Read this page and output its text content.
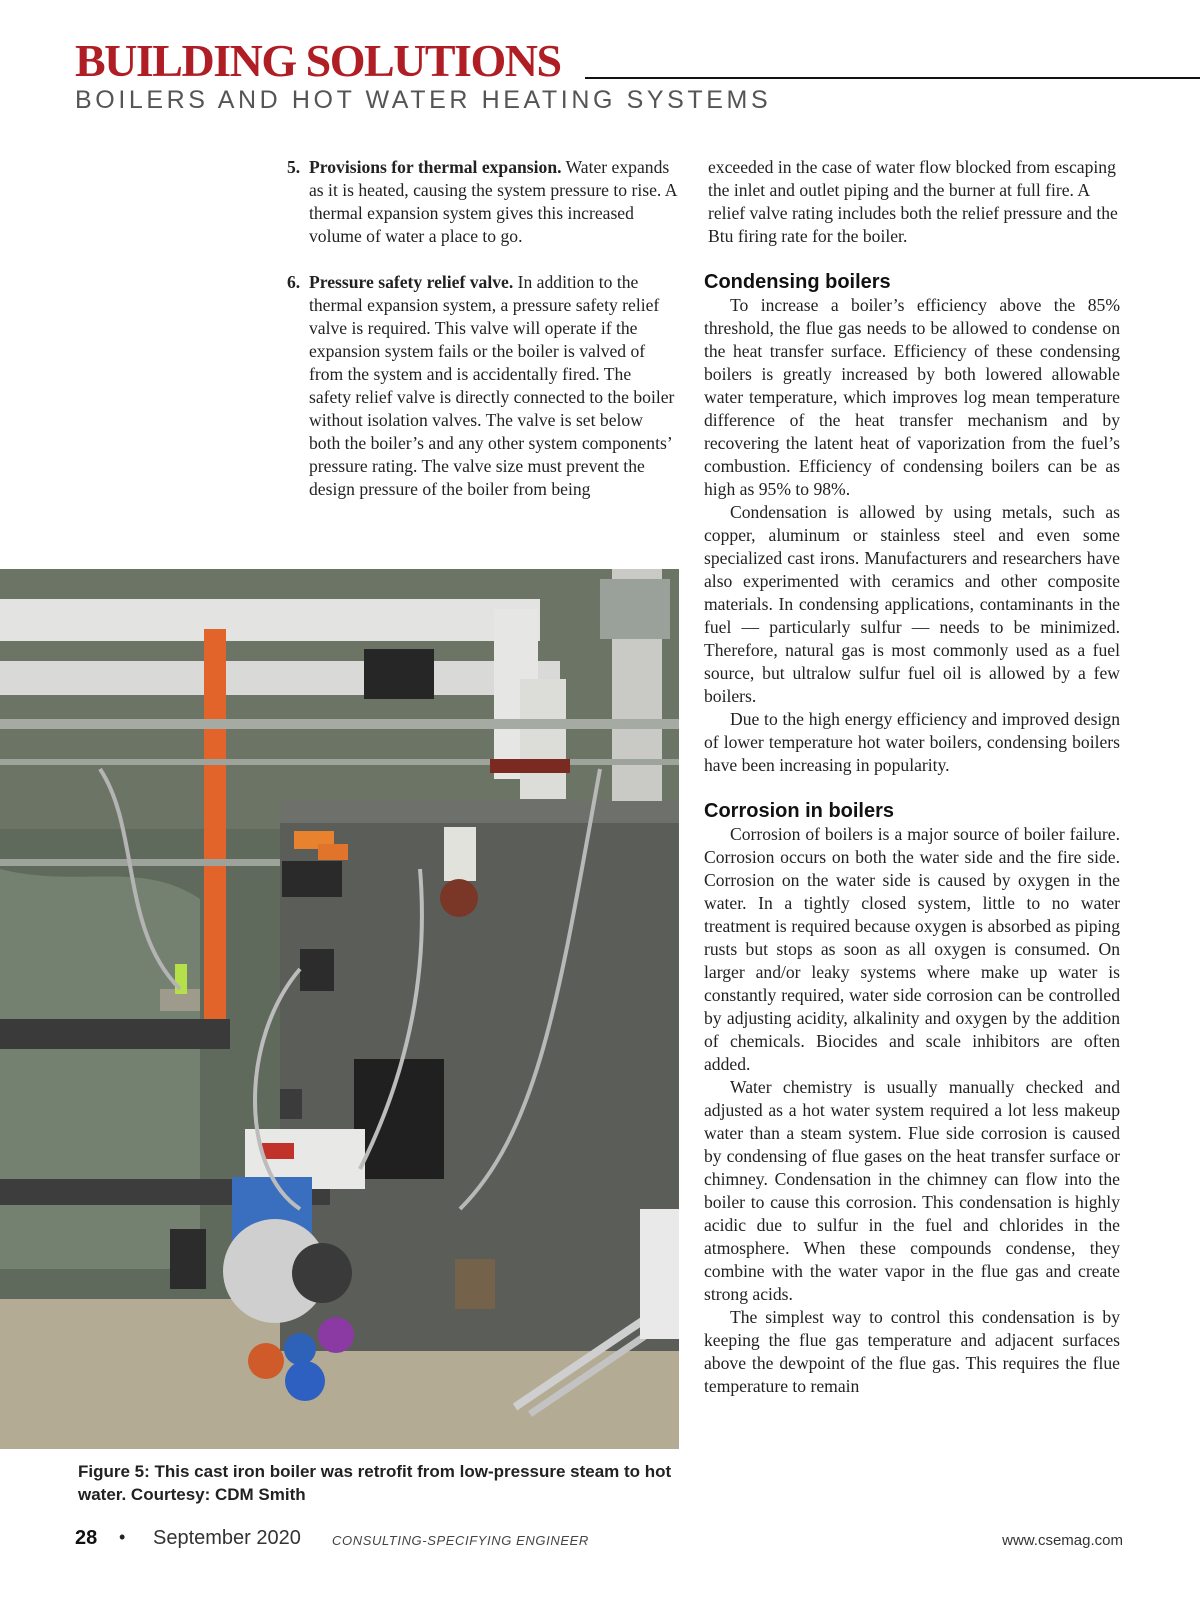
BUILDING SOLUTIONS
BOILERS AND HOT WATER HEATING SYSTEMS
5. Provisions for thermal expansion. Water expands as it is heated, causing the system pressure to rise. A thermal expansion system gives this increased volume of water a place to go.
6. Pressure safety relief valve. In addition to the thermal expansion system, a pressure safety relief valve is required. This valve will operate if the expansion system fails or the boiler is valved of from the system and is accidentally fired. The safety relief valve is directly connected to the boiler without isolation valves. The valve is set below both the boiler’s and any other system components’ pressure rating. The valve size must prevent the design pressure of the boiler from being

exceeded in the case of water flow blocked from escaping the inlet and outlet piping and the burner at full fire. A relief valve rating includes both the relief pressure and the Btu firing rate for the boiler.

Condensing boilers

To increase a boiler’s efficiency above the 85% threshold, the flue gas needs to be allowed to condense on the heat transfer surface. Efficiency of these condensing boilers is greatly increased by both lowered allowable water temperature, which improves log mean temperature difference of the heat transfer mechanism and by recovering the latent heat of vaporization from the fuel’s combustion. Efficiency of condensing boilers can be as high as 95% to 98%.

Condensation is allowed by using metals, such as copper, aluminum or stainless steel and even some specialized cast irons. Manufacturers and researchers have also experimented with ceramics and other composite materials. In condensing applications, contaminants in the fuel — particularly sulfur — needs to be minimized. Therefore, natural gas is most commonly used as a fuel source, but ultralow sulfur fuel oil is allowed by a few boilers.

Due to the high energy efficiency and improved design of lower temperature hot water boilers, condensing boilers have been increasing in popularity.

Corrosion in boilers

Corrosion of boilers is a major source of boiler failure. Corrosion occurs on both the water side and the fire side. Corrosion on the water side is caused by oxygen in the water. In a tightly closed system, little to no water treatment is required because oxygen is absorbed as piping rusts but stops as soon as all oxygen is consumed. On larger and/or leaky systems where make up water is constantly required, water side corrosion can be controlled by adjusting acidity, alkalinity and oxygen by the addition of chemicals. Biocides and scale inhibitors are often added.

Water chemistry is usually manually checked and adjusted as a hot water system required a lot less makeup water than a steam system. Flue side corrosion is caused by condensing of flue gases on the heat transfer surface or chimney. Condensation in the chimney can flow into the boiler to cause this corrosion. This condensation is highly acidic due to sulfur in the fuel and chlorides in the atmosphere. When these compounds condense, they combine with the water vapor in the flue gas and create strong acids.

The simplest way to control this condensation is by keeping the flue gas temperature and adjacent surfaces above the dewpoint of the flue gas. This requires the flue temperature to remain

Figure 5: This cast iron boiler was retrofit from low-pressure steam to hot water. Courtesy: CDM Smith
28 • September 2020 CONSULTING-SPECIFYING ENGINEER	www.csemag.com
